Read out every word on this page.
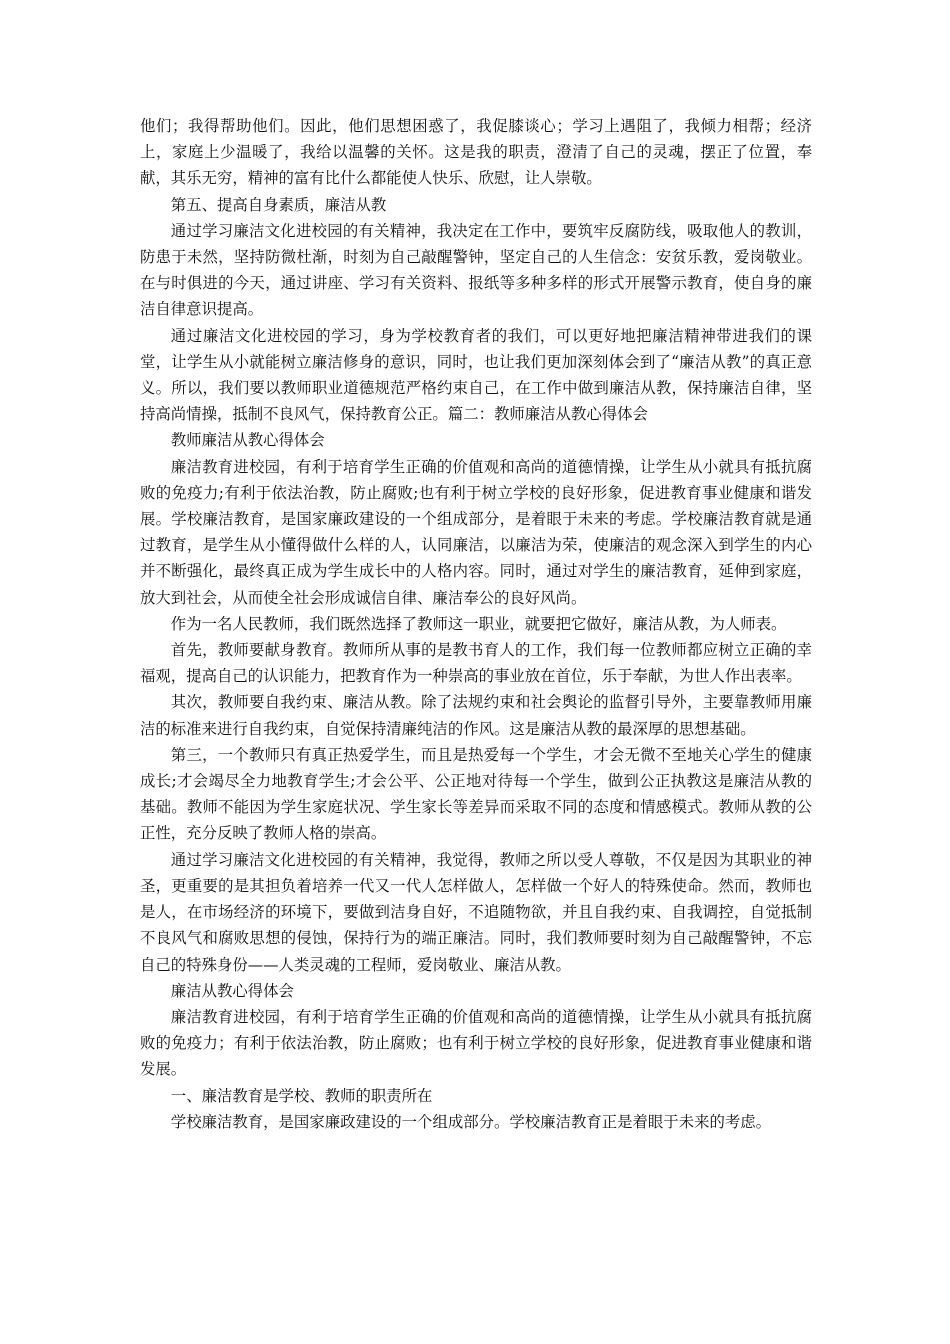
他们；我得帮助他们。因此，他们思想困惑了，我促膝谈心；学习上遇阻了，我倾力相帮；经济上，家庭上少温暖了，我给以温馨的关怀。这是我的职责，澄清了自己的灵魂，摆正了位置，奉献，其乐无穷，精神的富有比什么都能使人快乐、欣慰，让人崇敬。

第五、提高自身素质，廉洁从教

通过学习廉洁文化进校园的有关精神，我决定在工作中，要筑牢反腐防线，吸取他人的教训，防患于未然，坚持防微杜渐，时刻为自己敲醒警钟，坚定自己的人生信念：安贫乐教，爱岗敬业。在与时俱进的今天，通过讲座、学习有关资料、报纸等多种多样的形式开展警示教育，使自身的廉洁自律意识提高。

通过廉洁文化进校园的学习，身为学校教育者的我们，可以更好地把廉洁精神带进我们的课堂，让学生从小就能树立廉洁修身的意识，同时，也让我们更加深刻体会到了“廉洁从教”的真正意义。所以，我们要以教师职业道德规范严格约束自己，在工作中做到廉洁从教，保持廉洁自律，坚持高尚情操，抵制不良风气，保持教育公正。篇二：教师廉洁从教心得体会

教师廉洁从教心得体会

廉洁教育进校园，有利于培育学生正确的价值观和高尚的道德情操，让学生从小就具有抵抗腐败的免疫力;有利于依法治教，防止腐败;也有利于树立学校的良好形象，促进教育事业健康和谐发展。学校廉洁教育，是国家廉政建设的一个组成部分，是着眼于未来的考虑。学校廉洁教育就是通过教育，是学生从小懂得做什么样的人，认同廉洁，以廉洁为荣，使廉洁的观念深入到学生的内心并不断强化，最终真正成为学生成长中的人格内容。同时，通过对学生的廉洁教育，延伸到家庭，放大到社会，从而使全社会形成诚信自律、廉洁奉公的良好风尚。

作为一名人民教师，我们既然选择了教师这一职业，就要把它做好，廉洁从教，为人师表。

首先，教师要献身教育。教师所从事的是教书育人的工作，我们每一位教师都应树立正确的幸福观，提高自己的认识能力，把教育作为一种崇高的事业放在首位，乐于奉献，为世人作出表率。

其次，教师要自我约束、廉洁从教。除了法规约束和社会舆论的监督引导外，主要靠教师用廉洁的标准来进行自我约束，自觉保持清廉纯洁的作风。这是廉洁从教的最深厚的思想基础。

第三，一个教师只有真正热爱学生，而且是热爱每一个学生，才会无微不至地关心学生的健康成长;才会竭尽全力地教育学生;才会公平、公正地对待每一个学生，做到公正执教这是廉洁从教的基础。教师不能因为学生家庭状况、学生家长等差异而采取不同的态度和情感模式。教师从教的公正性，充分反映了教师人格的崇高。

通过学习廉洁文化进校园的有关精神，我觉得，教师之所以受人尊敬，不仅是因为其职业的神圣，更重要的是其担负着培养一代又一代人怎样做人，怎样做一个好人的特殊使命。然而，教师也是人，在市场经济的环境下，要做到洁身自好，不追随物欲，并且自我约束、自我调控，自觉抵制不良风气和腐败思想的侵蚀，保持行为的端正廉洁。同时，我们教师要时刻为自己敲醒警钟，不忘自己的特殊身份——人类灵魂的工程师，爱岗敬业、廉洁从教。

廉洁从教心得体会

廉洁教育进校园，有利于培育学生正确的价值观和高尚的道德情操，让学生从小就具有抵抗腐败的免疫力；有利于依法治教，防止腐败；也有利于树立学校的良好形象，促进教育事业健康和谐发展。

一、廉洁教育是学校、教师的职责所在

学校廉洁教育，是国家廉政建设的一个组成部分。学校廉洁教育正是着眼于未来的考虑。
